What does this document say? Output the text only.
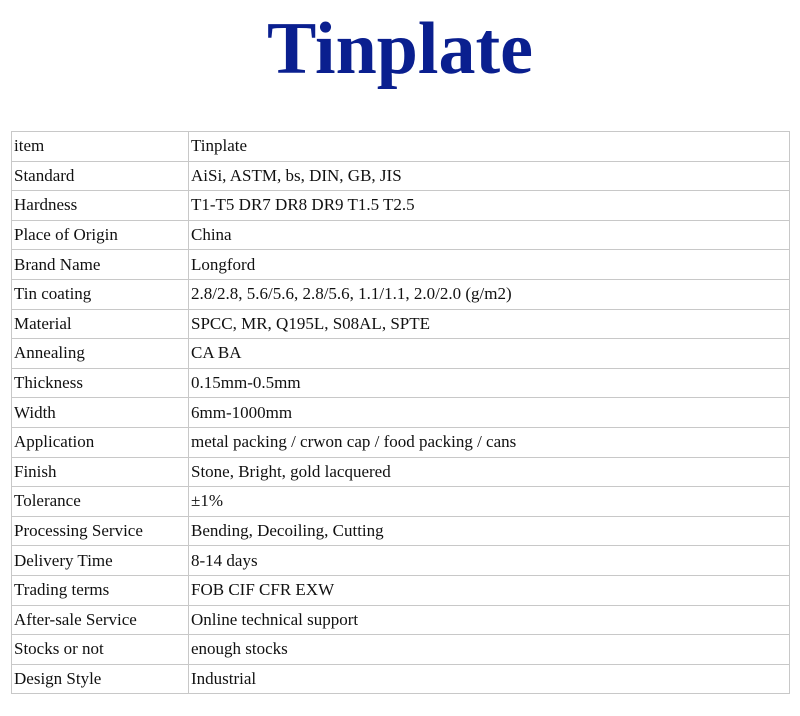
Tinplate
item	Tinplate
Standard	AiSi, ASTM, bs, DIN, GB, JIS
Hardness	T1-T5 DR7 DR8 DR9 T1.5 T2.5
Place of Origin	China
Brand Name	Longford
Tin coating	2.8/2.8, 5.6/5.6, 2.8/5.6, 1.1/1.1, 2.0/2.0 (g/m2)
Material	SPCC, MR, Q195L, S08AL, SPTE
Annealing	CA BA
Thickness	0.15mm-0.5mm
Width	6mm-1000mm
Application	metal packing / crwon cap / food packing / cans
Finish	Stone, Bright, gold lacquered
Tolerance	±1%
Processing Service	Bending, Decoiling, Cutting
Delivery Time	8-14 days
Trading terms	FOB CIF CFR EXW
After-sale Service	Online technical support
Stocks or not	enough stocks
Design Style	Industrial
